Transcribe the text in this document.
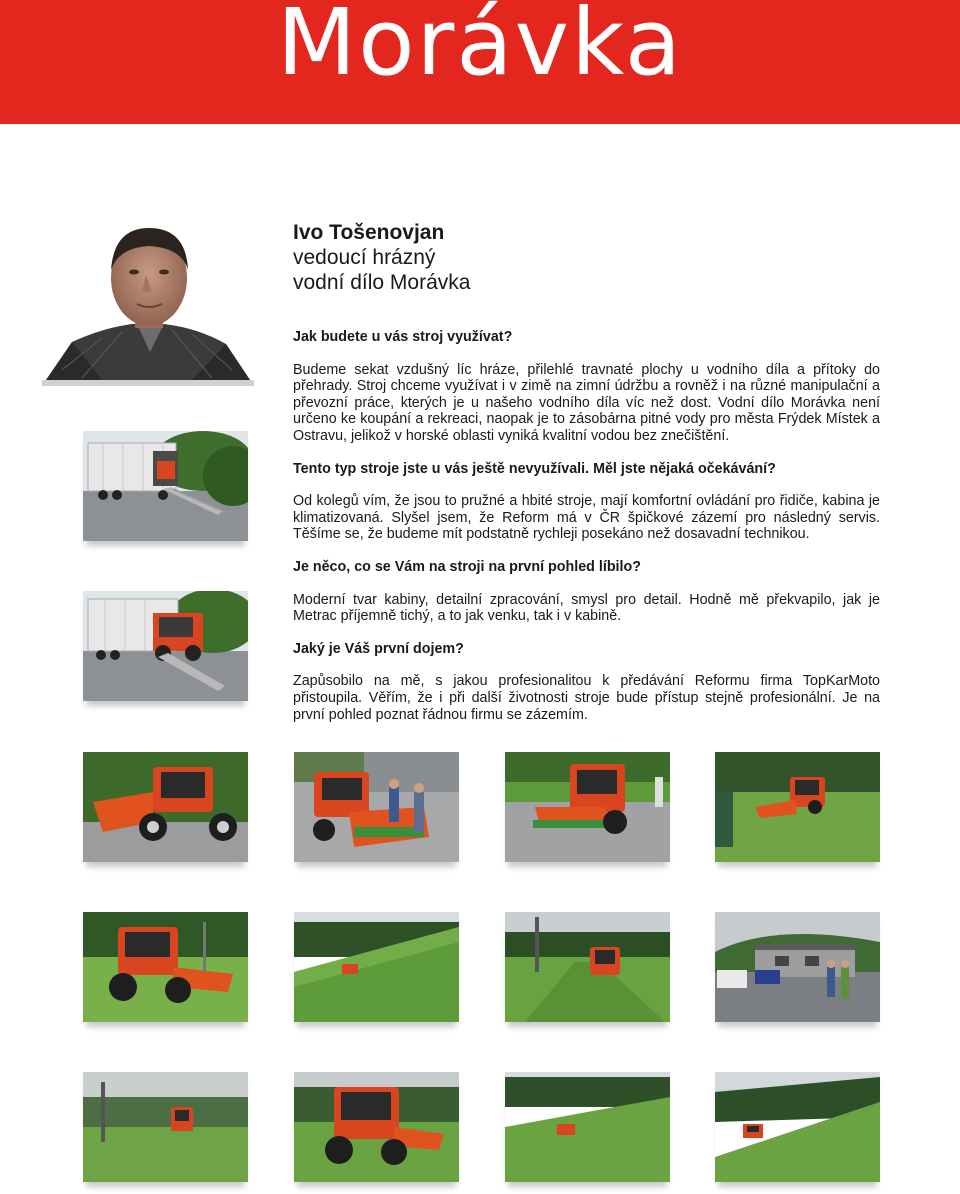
Morávka
Ivo Tošenovjan
vedoucí hrázný
vodní dílo Morávka

Jak budete u vás stroj využívat?

Budeme sekat vzdušný líc hráze, přilehlé travnaté plochy u vodního díla a přítoky do přehrady. Stroj chceme využívat i v zimě na zimní údržbu a rovněž i na různé manipulační a převozní práce, kterých je u našeho vodního díla víc než dost. Vodní dílo Morávka není určeno ke koupání a rekreaci, naopak je to zásobárna pitné vody pro města Frýdek Místek a Ostravu, jelikož v horské oblasti vyniká kvalitní vodou bez znečištění.

Tento typ stroje jste u vás ještě nevyužívali. Měl jste nějaká očekávání?

Od kolegů vím, že jsou to pružné a hbité stroje, mají komfortní ovládání pro řidiče, kabina je klimatizovaná. Slyšel jsem, že Reform má v ČR špičkové zázemí pro následný servis. Těšíme se, že budeme mít podstatně rychleji posekáno než dosavadní technikou.

Je něco, co se Vám na stroji na první pohled líbilo?

Moderní tvar kabiny, detailní zpracování, smysl pro detail. Hodně mě překvapilo, jak je Metrac příjemně tichý, a to jak venku, tak i v kabině.

Jaký je Váš první dojem?

Zapůsobilo na mě, s jakou profesionalitou k předávání Reformu firma TopKarMoto přistoupila. Věřím, že i při další životnosti stroje bude přístup stejně profesionální. Je na první pohled poznat řádnou firmu se zázemím.
